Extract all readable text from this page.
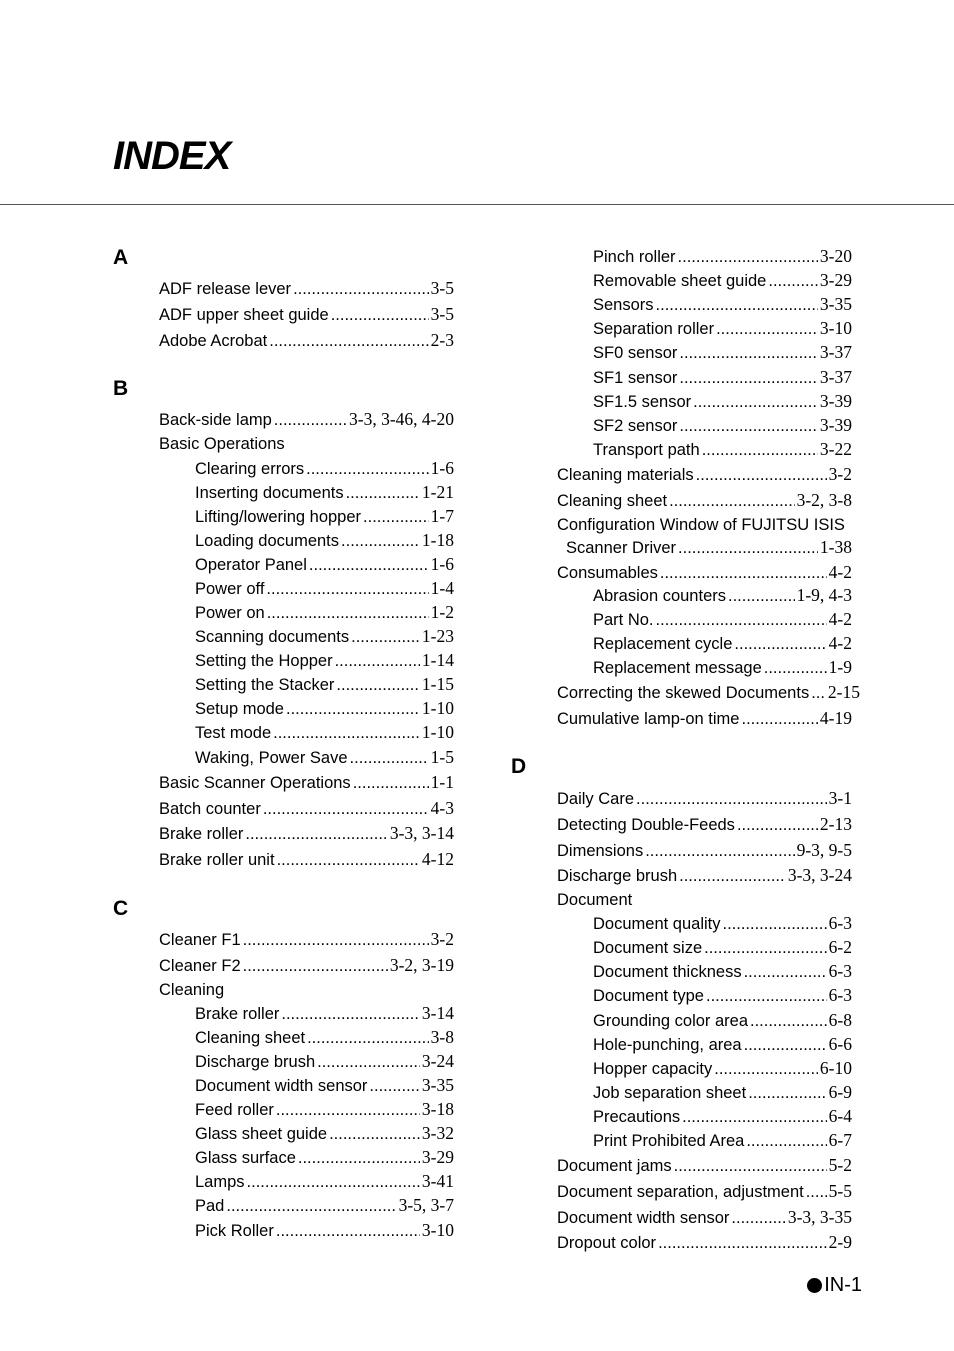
INDEX
A
ADF release lever .....	3-5
ADF upper sheet guide .....	3-5
Adobe Acrobat .....	2-3
B
Back-side lamp .....	3-3, 3-46, 4-20
Basic Operations
Clearing errors .....	1-6
Inserting documents .....	1-21
Lifting/lowering hopper .....	1-7
Loading documents .....	1-18
Operator Panel .....	1-6
Power off .....	1-4
Power on .....	1-2
Scanning documents .....	1-23
Setting the Hopper .....	1-14
Setting the Stacker .....	1-15
Setup mode .....	1-10
Test mode .....	1-10
Waking, Power Save .....	1-5
Basic Scanner Operations .....	1-1
Batch counter .....	4-3
Brake roller .....	3-3, 3-14
Brake roller unit .....	4-12
C
Cleaner F1 .....	3-2
Cleaner F2 .....	3-2, 3-19
Cleaning
Brake roller .....	3-14
Cleaning sheet .....	3-8
Discharge brush .....	3-24
Document width sensor .....	3-35
Feed roller .....	3-18
Glass sheet guide .....	3-32
Glass surface .....	3-29
Lamps .....	3-41
Pad .....	3-5, 3-7
Pick Roller .....	3-10
Pinch roller .....	3-20
Removable sheet guide .....	3-29
Sensors .....	3-35
Separation roller .....	3-10
SF0 sensor .....	3-37
SF1 sensor .....	3-37
SF1.5 sensor .....	3-39
SF2 sensor .....	3-39
Transport path .....	3-22
Cleaning materials .....	3-2
Cleaning sheet .....	3-2, 3-8
Configuration Window of FUJITSU ISIS
Scanner Driver .....	1-38
Consumables .....	4-2
Abrasion counters .....	1-9, 4-3
Part No. .....	4-2
Replacement cycle .....	4-2
Replacement message .....	1-9
Correcting the skewed Documents ..... 2-15
Cumulative lamp-on time .....	4-19
D
Daily Care .....	3-1
Detecting Double-Feeds .....	2-13
Dimensions .....	9-3, 9-5
Discharge brush .....	3-3, 3-24
Document
Document quality .....	6-3
Document size .....	6-2
Document thickness .....	6-3
Document type .....	6-3
Grounding color area .....	6-8
Hole-punching, area .....	6-6
Hopper capacity .....	6-10
Job separation sheet .....	6-9
Precautions .....	6-4
Print Prohibited Area .....	6-7
Document jams .....	5-2
Document separation, adjustment ..... 5-5
Document width sensor .....	3-3, 3-35
Dropout color .....	2-9
IN-1
